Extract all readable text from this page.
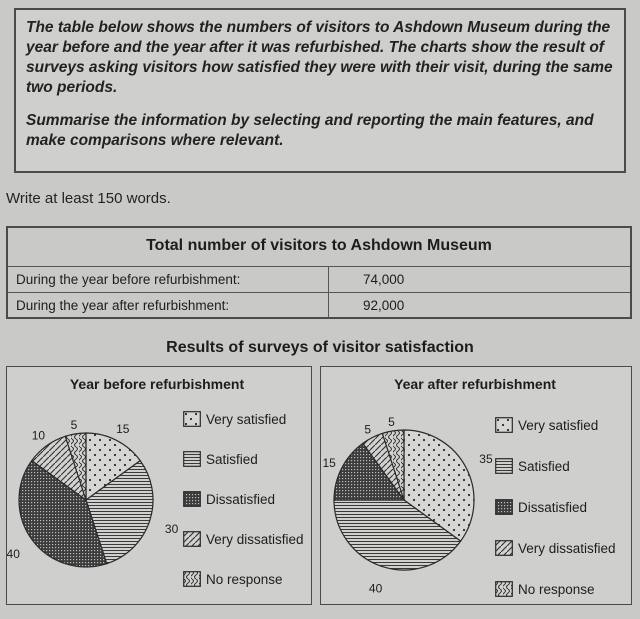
The table below shows the numbers of visitors to Ashdown Museum during the year before and the year after it was refurbished. The charts show the result of surveys asking visitors how satisfied they were with their visit, during the same two periods.

Summarise the information by selecting and reporting the main features, and make comparisons where relevant.

Write at least 150 words.
Total number of visitors to Ashdown Museum
During the year before refurbishment:	74,000
During the year after refurbishment:	92,000
Results of surveys of visitor satisfaction
Year before refurbishment
15
30
40
10
5	Very satisfied
Satisfied
Dissatisfied
Very dissatisfied
No response
Year after refurbishment
35
40
15
5
5	Very satisfied
Satisfied
Dissatisfied
Very dissatisfied
No response
